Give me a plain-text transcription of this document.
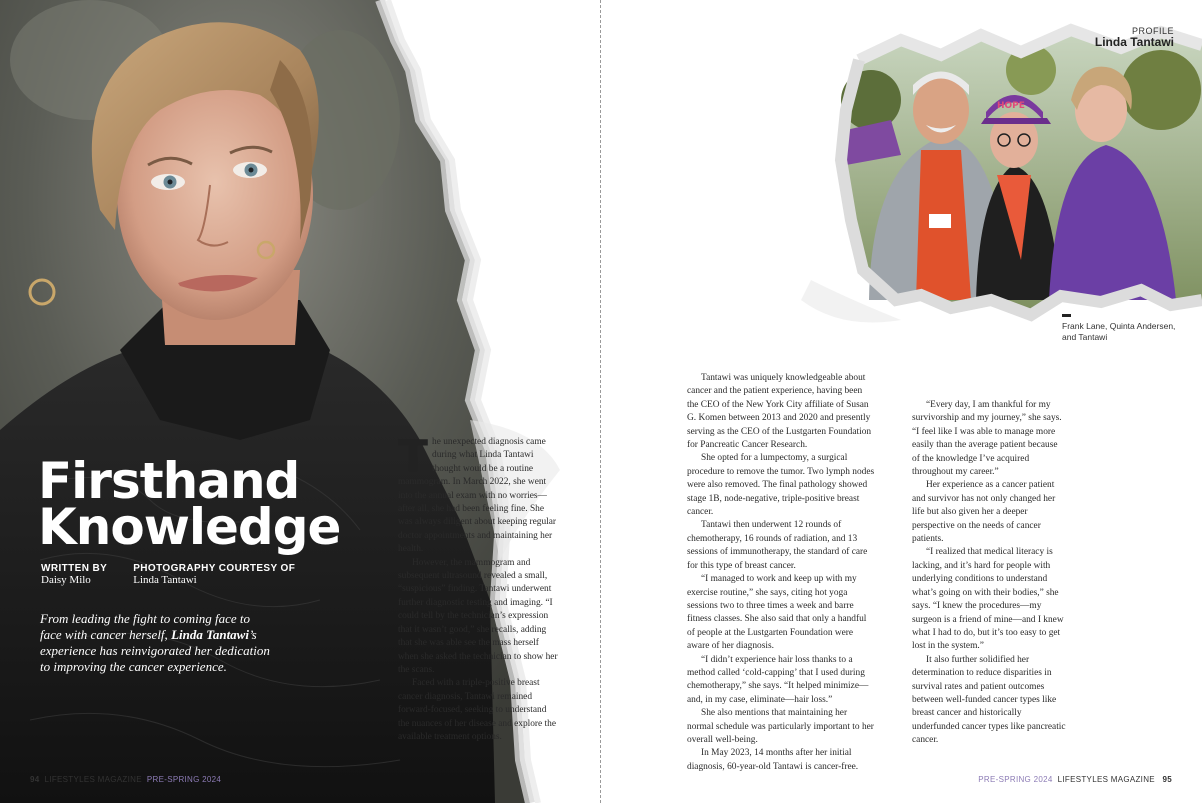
Firsthand
Knowledge
WRITTEN BY
Daisy Milo
PHOTOGRAPHY COURTESY OF
Linda Tantawi

From leading the fight to coming face to face with cancer herself, Linda Tantawi’s experience has reinvigorated her dedication to improving the cancer experience.

The unexpected diagnosis came during what Linda Tantawi thought would be a routine mammogram. In March 2022, she went into the annual exam with no worries—after all, she had been feeling fine. She was always diligent about keeping regular doctor appointments and maintaining her health.

However, the mammogram and subsequent ultrasound revealed a small, “suspicious” finding. Tantawi underwent further diagnostic testing and imaging. “I could tell by the technician’s expression that it wasn’t good,” she recalls, adding that she was able see the mass herself when she asked the technician to show her the scans.

Faced with a triple-positive breast cancer diagnosis, Tantawi remained forward-focused, seeking to understand the nuances of her disease and explore the available treatment options.

94 LIFESTYLES MAGAZINE PRE-SPRING 2024
HOPE
PROFILE
Linda Tantawi

Frank Lane, Quinta Andersen, and Tantawi

Tantawi was uniquely knowledgeable about cancer and the patient experience, having been the CEO of the New York City affiliate of Susan G. Komen between 2013 and 2020 and presently serving as the CEO of the Lustgarten Foundation for Pancreatic Cancer Research.

She opted for a lumpectomy, a surgical procedure to remove the tumor. Two lymph nodes were also removed. The final pathology showed stage 1B, node-negative, triple-positive breast cancer.

Tantawi then underwent 12 rounds of chemotherapy, 16 rounds of radiation, and 13 sessions of immunotherapy, the standard of care for this type of breast cancer.

“I managed to work and keep up with my exercise routine,” she says, citing hot yoga sessions two to three times a week and barre fitness classes. She also said that only a handful of people at the Lustgarten Foundation were aware of her diagnosis.

“I didn’t experience hair loss thanks to a method called ‘cold-capping’ that I used during chemotherapy,” she says. “It helped minimize—and, in my case, eliminate—hair loss.”

She also mentions that maintaining her normal schedule was particularly important to her overall well-being.

In May 2023, 14 months after her initial diagnosis, 60-year-old Tantawi is cancer-free.

“Every day, I am thankful for my survivorship and my journey,” she says. “I feel like I was able to manage more easily than the average patient because of the knowledge I’ve acquired throughout my career.”

Her experience as a cancer patient and survivor has not only changed her life but also given her a deeper perspective on the needs of cancer patients.

“I realized that medical literacy is lacking, and it’s hard for people with underlying conditions to understand what’s going on with their bodies,” she says. “I knew the procedures—my surgeon is a friend of mine—and I knew what I had to do, but it’s too easy to get lost in the system.”

It also further solidified her determination to reduce disparities in survival rates and patient outcomes between well-funded cancer types like breast cancer and historically underfunded cancer types like pancreatic cancer.

PRE-SPRING 2024 LIFESTYLES MAGAZINE 95
